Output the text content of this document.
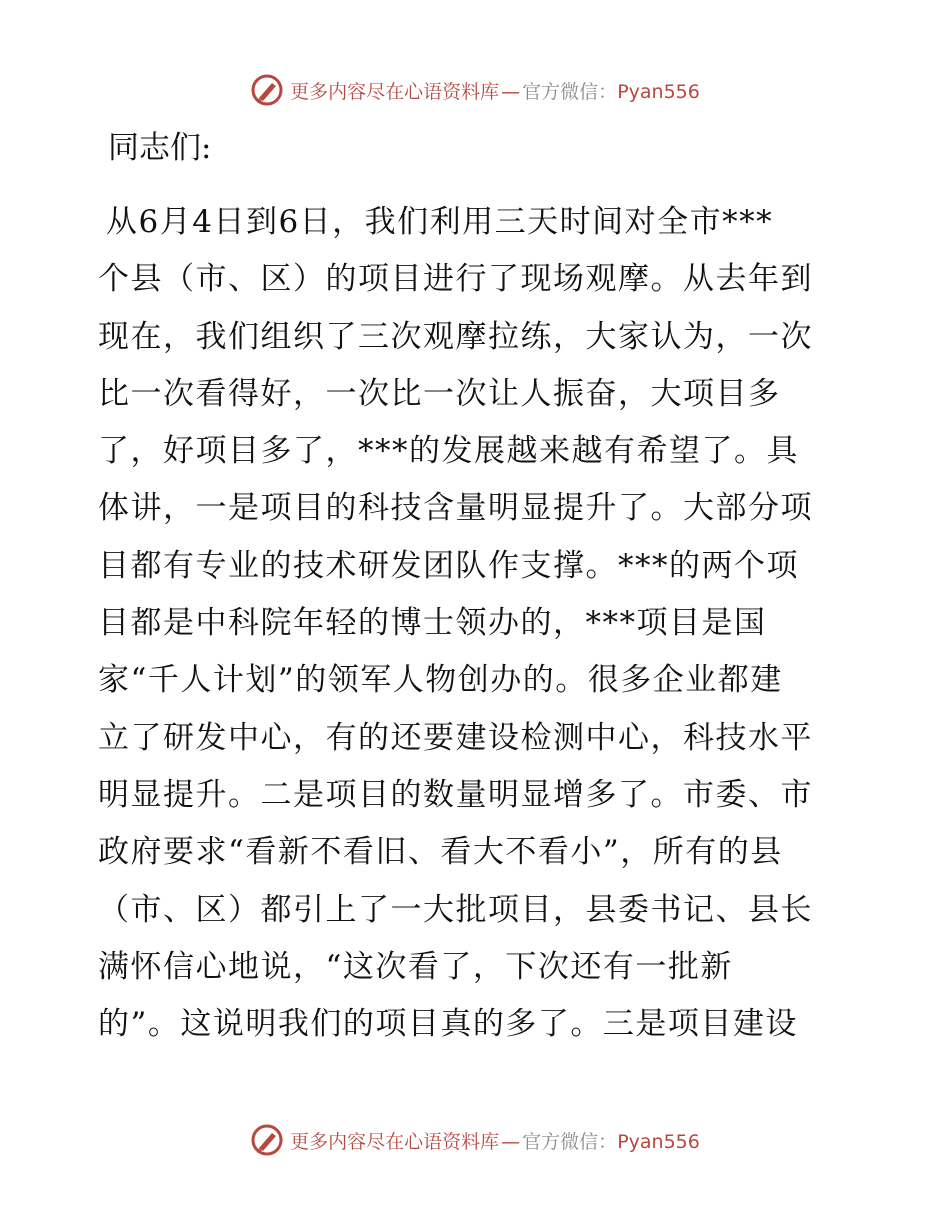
更多内容尽在心语资料库 — 官方微信：Pyan556

同志们:

从6月4日到6日，我们利用三天时间对全市***
个县（市、区）的项目进行了现场观摩。从去年到
现在，我们组织了三次观摩拉练，大家认为，一次
比一次看得好，一次比一次让人振奋，大项目多
了，好项目多了，***的发展越来越有希望了。具
体讲，一是项目的科技含量明显提升了。大部分项
目都有专业的技术研发团队作支撑。***的两个项
目都是中科院年轻的博士领办的，***项目是国
家“千人计划”的领军人物创办的。很多企业都建
立了研发中心，有的还要建设检测中心，科技水平
明显提升。二是项目的数量明显增多了。市委、市
政府要求“看新不看旧、看大不看小”，所有的县
（市、区）都引上了一大批项目，县委书记、县长
满怀信心地说，“这次看了，下次还有一批新
的”。这说明我们的项目真的多了。三是项目建设
更多内容尽在心语资料库 — 官方微信：Pyan556
